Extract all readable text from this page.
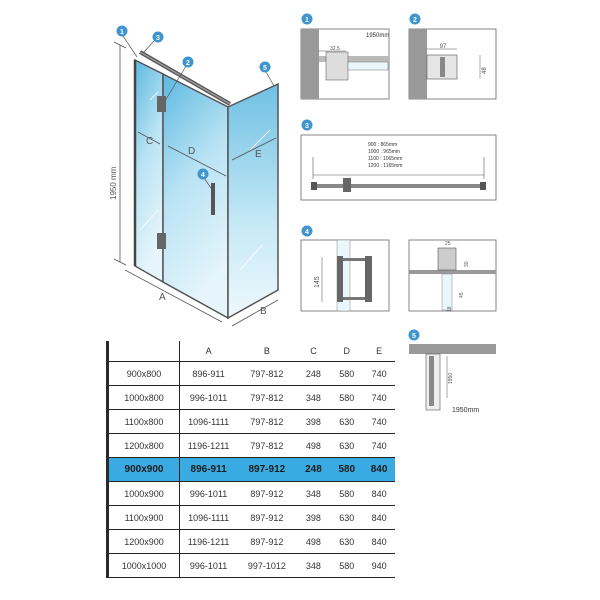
1950 mm
A
B
C
D	E
1
3
2
4
5
1
32.5
1950mm
2
97
48
3
900 : 865mm
1000 : 965mm
1100 : 1065mm
1200 : 1165mm
4
145
25
30
45
18
5
1950
1950mm
	A	B	C	D	E
900x800	896-911	797-812	248	580	740
1000x800	996-1011	797-812	348	580	740
1100x800	1096-1111	797-812	398	630	740
1200x800	1196-1211	797-812	498	630	740
900x900	896-911	897-912	248	580	840
1000x900	996-1011	897-912	348	580	840
1100x900	1096-1111	897-912	398	630	840
1200x900	1196-1211	897-912	498	630	840
1000x1000	996-1011	997-1012	348	580	940
